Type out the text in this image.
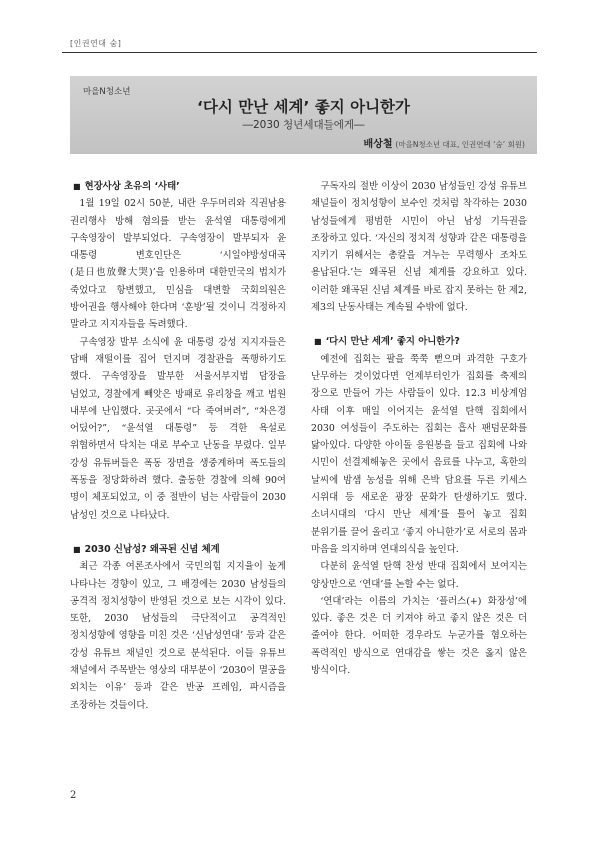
[인권연대 숨]
마을N청소년
‘다시 만난 세계’ 좋지 아니한가
―2030 청년세대들에게―
배상철 (마을N청소년 대표, 인권연대 ‘숨’ 회원)
■ 현장사상 초유의 ‘사태’

1월 19일 02시 50분, 내란 우두머리와 직권남용 권리행사 방해 혐의를 받는 윤석열 대통령에게 구속영장이 발부되었다. 구속영장이 발부되자 윤 대통령 변호인단은 ‘시일야방성대곡(是日也放聲大哭)’을 인용하며 대한민국의 법치가 죽었다고 항변했고, 민심을 대변할 국회의원은 방어권을 행사해야 한다며 ‘훈방’될 것이니 걱정하지 말라고 지지자들을 독려했다.

구속영장 발부 소식에 윤 대통령 강성 지지자들은 담배 재떨이를 집어 던지며 경찰관을 폭행하기도 했다. 구속영장을 발부한 서울서부지법 담장을 넘었고, 경찰에게 빼앗은 방패로 유리창을 깨고 법원 내부에 난입했다. 곳곳에서 “다 죽여버려”, “차은경 어딨어?”, “윤석열 대통령” 등 격한 욕설로 위협하면서 닥치는 대로 부수고 난동을 부렸다. 일부 강성 유튜버들은 폭동 장면을 생중계하며 폭도들의 폭동을 정당화하려 했다. 출동한 경찰에 의해 90여 명이 체포되었고, 이 중 절반이 넘는 사람들이 2030 남성인 것으로 나타났다.

■ 2030 신남성? 왜곡된 신념 체계

최근 각종 여론조사에서 국민의힘 지지율이 높게 나타나는 경향이 있고, 그 배경에는 2030 남성들의 공격적 정치성향이 반영된 것으로 보는 시각이 있다. 또한, 2030 남성들의 극단적이고 공격적인 정치성향에 영향을 미친 것은 ‘신남성연대’ 등과 같은 강성 유튜브 채널인 것으로 분석된다. 이들 유튜브 채널에서 주목받는 영상의 대부분이 ‘2030이 멸공을 외치는 이유’ 등과 같은 반공 프레임, 파시즘을 조장하는 것들이다.

구독자의 절반 이상이 2030 남성들인 강성 유튜브 채널들이 정치성향이 보수인 것처럼 착각하는 2030 남성들에게 평범한 시민이 아닌 남성 기득권을 조장하고 있다. ‘자신의 정치적 성향과 같은 대통령을 지키기 위해서는 총칼을 겨누는 무력행사 조차도 용납된다.’는 왜곡된 신념 체계를 강요하고 있다. 이러한 왜곡된 신념 체계를 바로 잡지 못하는 한 제2, 제3의 난동사태는 계속될 수밖에 없다.

■ ‘다시 만난 세계’ 좋지 아니한가?

예전에 집회는 팔을 쭉쭉 뻗으며 과격한 구호가 난무하는 것이었다면 언제부터인가 집회를 축제의 장으로 만들어 가는 사람들이 있다. 12.3 비상계엄 사태 이후 매일 이어지는 윤석열 탄핵 집회에서 2030 여성들이 주도하는 집회는 흡사 팬덤문화를 닮아있다. 다양한 아이돌 응원봉을 들고 집회에 나와 시민이 선결제해놓은 곳에서 음료를 나누고, 혹한의 날씨에 밤샘 농성을 위해 은박 담요를 두른 키세스 시위대 등 새로운 광장 문화가 탄생하기도 했다. 소녀시대의 ‘다시 만난 세계’를 틀어 놓고 집회 분위기를 끌어 올리고 ‘좋지 아니한가’로 서로의 몸과 마음을 의지하며 연대의식을 높인다.

다분히 윤석열 탄핵 찬성 반대 집회에서 보여지는 양상만으로 ‘연대’를 논할 수는 없다.

‘연대’라는 이름의 가치는 ‘플러스(+) 화장성’에 있다. 좋은 것은 더 키져야 하고 좋지 않은 것은 더 줄여야 한다. 어떠한 경우라도 누군가를 혐오하는 폭력적인 방식으로 연대감을 쌓는 것은 옳지 않은 방식이다.

2
